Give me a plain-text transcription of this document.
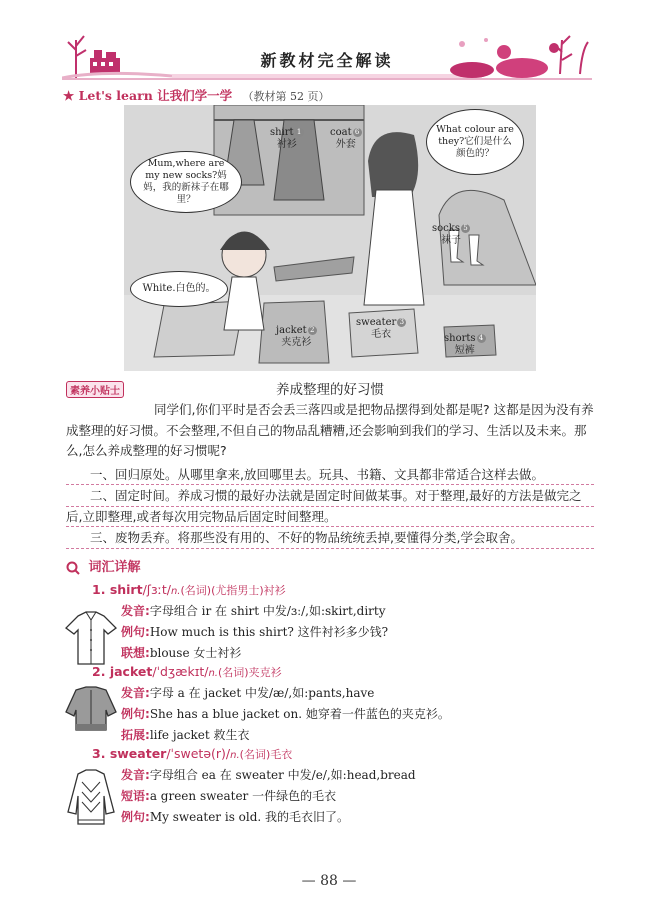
新教材完全解读
★ Let's learn 让我们学一学 （教材第 52 页）
What colour are they?它们是什么颜色的？
Mum,where are my new socks?妈妈，我的新袜子在哪里？
White.白色的。
shirt 1
衬衫
coat 6
外套
socks 5
袜子
jacket 2
夹克衫
sweater 3
毛衣	shorts 4
短裤
素养小贴士	养成整理的好习惯
同学们,你们平时是否会丢三落四或是把物品摆得到处都是呢? 这都是因为没有养成整理的好习惯。不会整理,不但自己的物品乱糟糟,还会影响到我们的学习、生活以及未来。那么,怎么养成整理的好习惯呢?
一、回归原处。从哪里拿来,放回哪里去。玩具、书籍、文具都非常适合这样去做。
二、固定时间。养成习惯的最好办法就是固定时间做某事。对于整理,最好的方法是做完之后,立即整理,或者每次用完物品后固定时间整理。
三、废物丢弃。将那些没有用的、不好的物品统统丢掉,要懂得分类,学会取舍。
词汇详解
1. shirt/ʃɜːt/n.(名词)(尤指男士)衬衫
发音:字母组合 ir 在 shirt 中发/ɜː/,如:skirt,dirty
例句:How much is this shirt? 这件衬衫多少钱?
联想:blouse 女士衬衫
2. jacket/ˈdʒækɪt/n.(名词)夹克衫
发音:字母 a 在 jacket 中发/æ/,如:pants,have
例句:She has a blue jacket on. 她穿着一件蓝色的夹克衫。
拓展:life jacket 救生衣
3. sweater/ˈswetə(r)/n.(名词)毛衣
发音:字母组合 ea 在 sweater 中发/e/,如:head,bread
短语:a green sweater 一件绿色的毛衣
例句:My sweater is old. 我的毛衣旧了。
— 88 —
